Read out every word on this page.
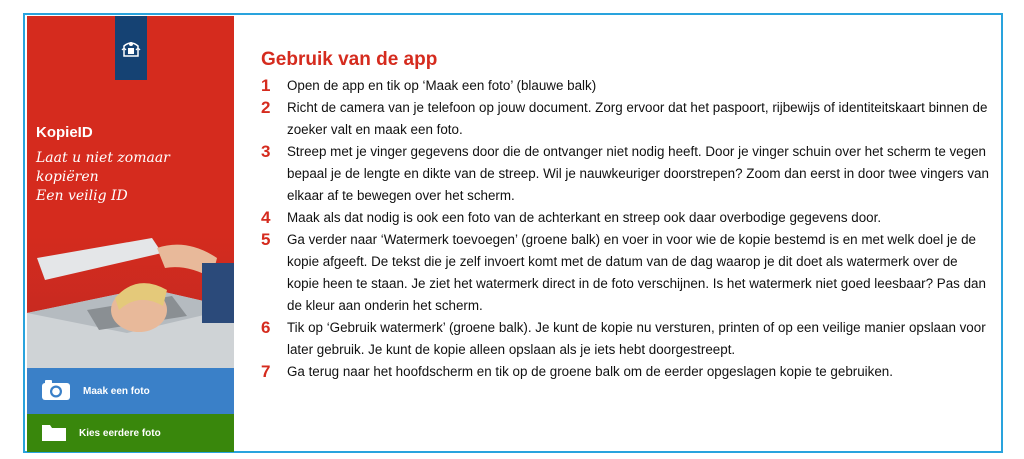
KopieID
Laat u niet zomaar kopiëren
Een veilig ID
Maak een foto
Kies eerdere foto
Gebruik van de app
1	Open de app en tik op ‘Maak een foto’ (blauwe balk)
2	Richt de camera van je telefoon op jouw document. Zorg ervoor dat het paspoort, rijbewijs of identiteitskaart binnen de zoeker valt en maak een foto.
3	Streep met je vinger gegevens door die de ontvanger niet nodig heeft. Door je vinger schuin over het scherm te vegen bepaal je de lengte en dikte van de streep. Wil je nauwkeuriger doorstrepen? Zoom dan eerst in door twee vingers van elkaar af te bewegen over het scherm.
4	Maak als dat nodig is ook een foto van de achterkant en streep ook daar overbodige gegevens door.
5	Ga verder naar ‘Watermerk toevoegen’ (groene balk) en voer in voor wie de kopie bestemd is en met welk doel je de kopie afgeeft. De tekst die je zelf invoert komt met de datum van de dag waarop je dit doet als watermerk over de kopie heen te staan. Je ziet het watermerk direct in de foto verschijnen. Is het watermerk niet goed leesbaar? Pas dan de kleur aan onderin het scherm.
6	Tik op ‘Gebruik watermerk’ (groene balk). Je kunt de kopie nu versturen, printen of op een veilige manier opslaan voor later gebruik. Je kunt de kopie alleen opslaan als je iets hebt doorgestreept.
7	Ga terug naar het hoofdscherm en tik op de groene balk om de eerder opgeslagen kopie te gebruiken.
